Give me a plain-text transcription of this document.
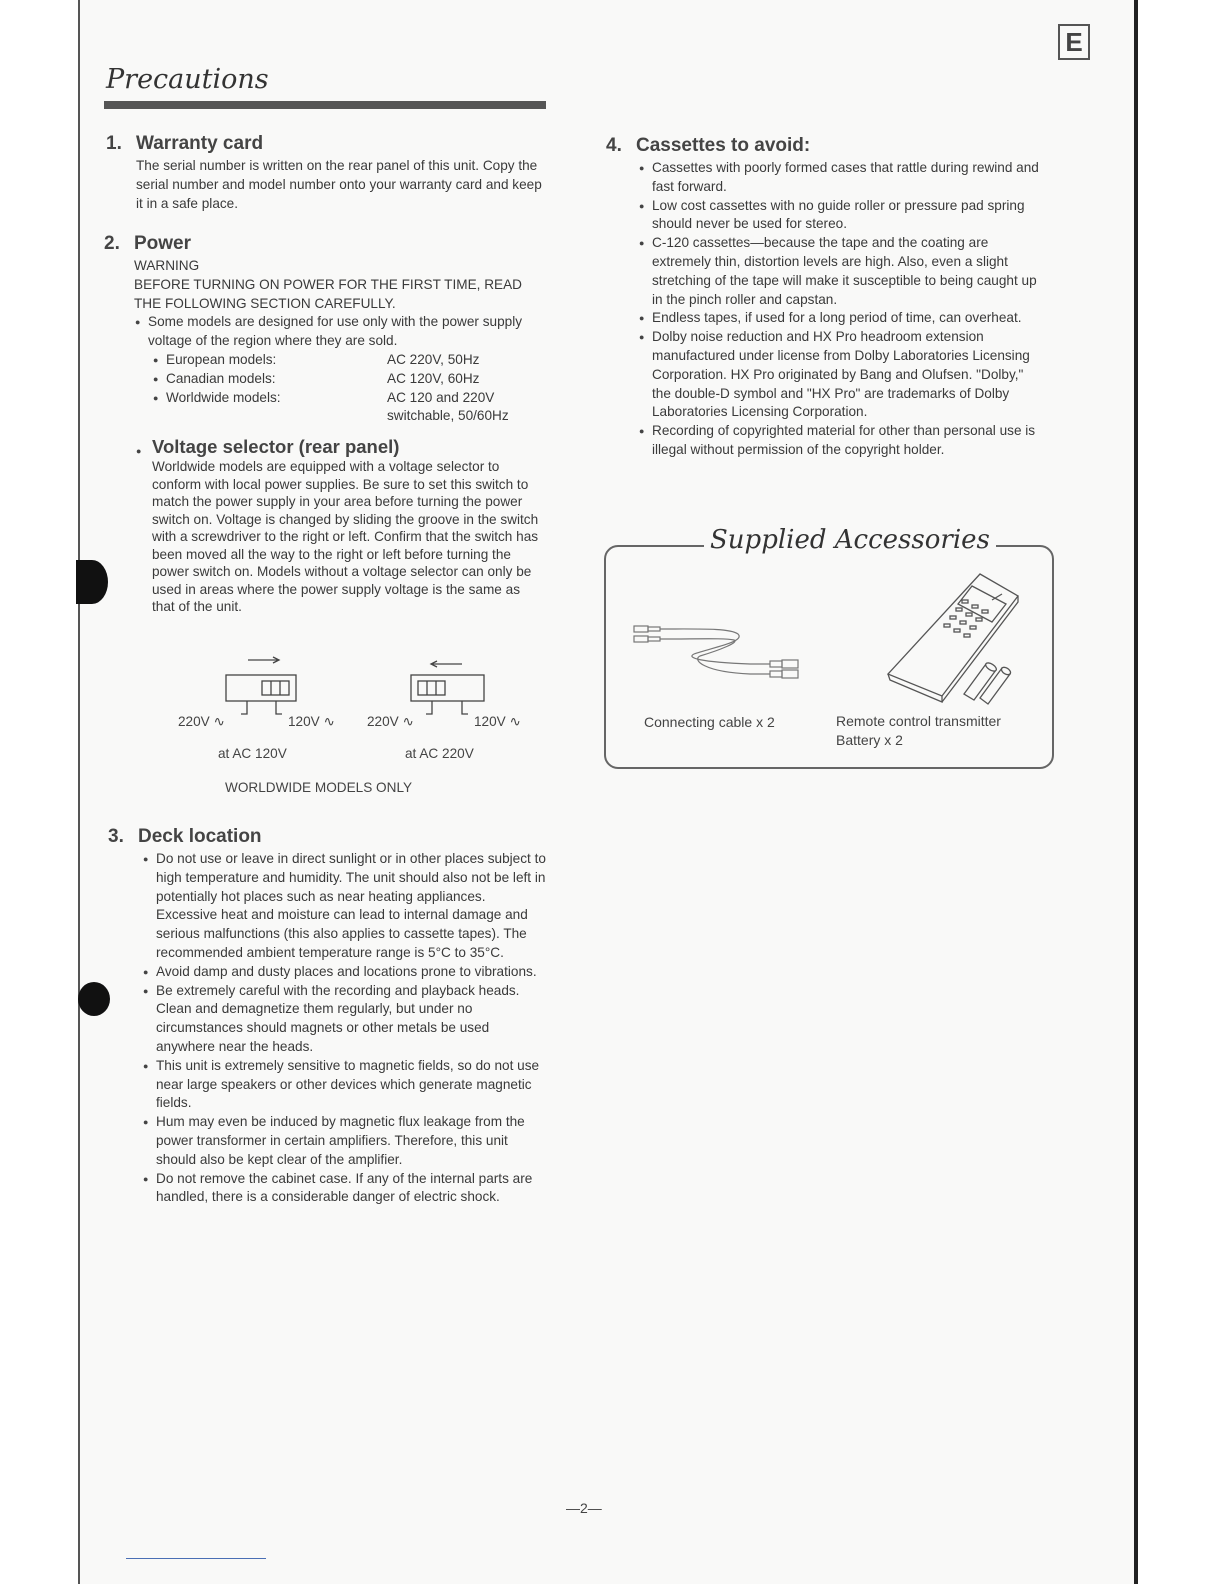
E
Precautions
1. Warranty card
The serial number is written on the rear panel of this unit. Copy the serial number and model number onto your warranty card and keep it in a safe place.
2. Power
WARNING
BEFORE TURNING ON POWER FOR THE FIRST TIME, READ THE FOLLOWING SECTION CAREFULLY.
● Some models are designed for use only with the power supply voltage of the region where they are sold.
● European models:	AC 220V, 50Hz
● Canadian models:	AC 120V, 60Hz
● Worldwide models:	AC 120 and 220V switchable, 50/60Hz
● Voltage selector (rear panel)
Worldwide models are equipped with a voltage selector to conform with local power supplies. Be sure to set this switch to match the power supply in your area before turning the power switch on. Voltage is changed by sliding the groove in the switch with a screwdriver to the right or left. Confirm that the switch has been moved all the way to the right or left before turning the power switch on. Models without a voltage selector can only be used in areas where the power supply voltage is the same as that of the unit.
220V ∿	120V ∿
at AC 120V
220V ∿	120V ∿
at AC 220V
WORLDWIDE MODELS ONLY
3. Deck location
● Do not use or leave in direct sunlight or in other places subject to high temperature and humidity. The unit should also not be left in potentially hot places such as near heating appliances. Excessive heat and moisture can lead to internal damage and serious malfunctions (this also applies to cassette tapes). The recommended ambient temperature range is 5°C to 35°C.
● Avoid damp and dusty places and locations prone to vibrations.
● Be extremely careful with the recording and playback heads. Clean and demagnetize them regularly, but under no circumstances should magnets or other metals be used anywhere near the heads.
● This unit is extremely sensitive to magnetic fields, so do not use near large speakers or other devices which generate magnetic fields.
● Hum may even be induced by magnetic flux leakage from the power transformer in certain amplifiers. Therefore, this unit should also be kept clear of the amplifier.
● Do not remove the cabinet case. If any of the internal parts are handled, there is a considerable danger of electric shock.
4. Cassettes to avoid:
● Cassettes with poorly formed cases that rattle during rewind and fast forward.
● Low cost cassettes with no guide roller or pressure pad spring should never be used for stereo.
● C-120 cassettes—because the tape and the coating are extremely thin, distortion levels are high. Also, even a slight stretching of the tape will make it susceptible to being caught up in the pinch roller and capstan.
● Endless tapes, if used for a long period of time, can overheat.
● Dolby noise reduction and HX Pro headroom extension manufactured under license from Dolby Laboratories Licensing Corporation. HX Pro originated by Bang and Olufsen. "Dolby," the double-D symbol and "HX Pro" are trademarks of Dolby Laboratories Licensing Corporation.
● Recording of copyrighted material for other than personal use is illegal without permission of the copyright holder.
Supplied Accessories
Connecting cable x 2	Remote control transmitter
Battery x 2
—2—
